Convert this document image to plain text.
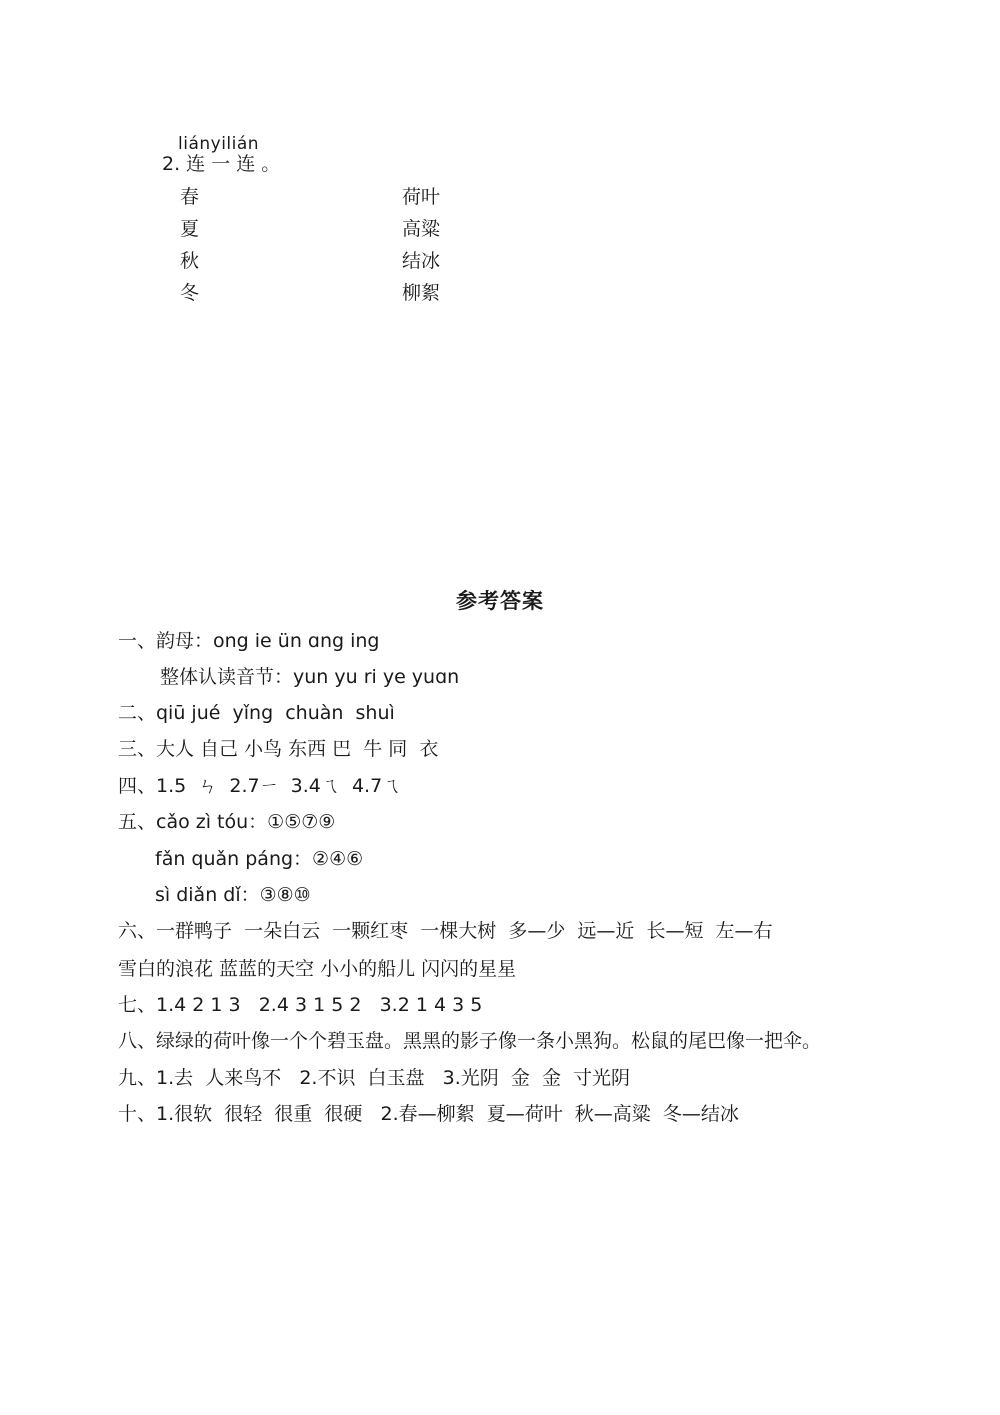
liányilián
2. 连 一 连 。
春
夏
秋
冬
荷叶
高粱
结冰
柳絮
参考答案
一、韵母：ong ie ün ɑng ing
整体认读音节：yun yu ri ye yuɑn
二、qiū jué  yǐng  chuàn  shuì
三、大人 自己 小鸟 东西 巴  牛 同  衣
四、1.5  ㄣ  2.7ㄧ  3.4ㄟ  4.7ㄟ
五、cǎo zì tóu：①⑤⑦⑨
fǎn quǎn páng：②④⑥
sì diǎn dǐ：③⑧⑩
六、一群鸭子  一朵白云  一颗红枣  一棵大树  多—少  远—近  长—短  左—右
雪白的浪花 蓝蓝的天空 小小的船儿 闪闪的星星
七、1.4 2 1 3   2.4 3 1 5 2   3.2 1 4 3 5
八、绿绿的荷叶像一个个碧玉盘。黑黑的影子像一条小黑狗。松鼠的尾巴像一把伞。
九、1.去  人来鸟不   2.不识  白玉盘   3.光阴  金  金  寸光阴
十、1.很软  很轻  很重  很硬   2.春—柳絮  夏—荷叶  秋—高粱  冬—结冰
